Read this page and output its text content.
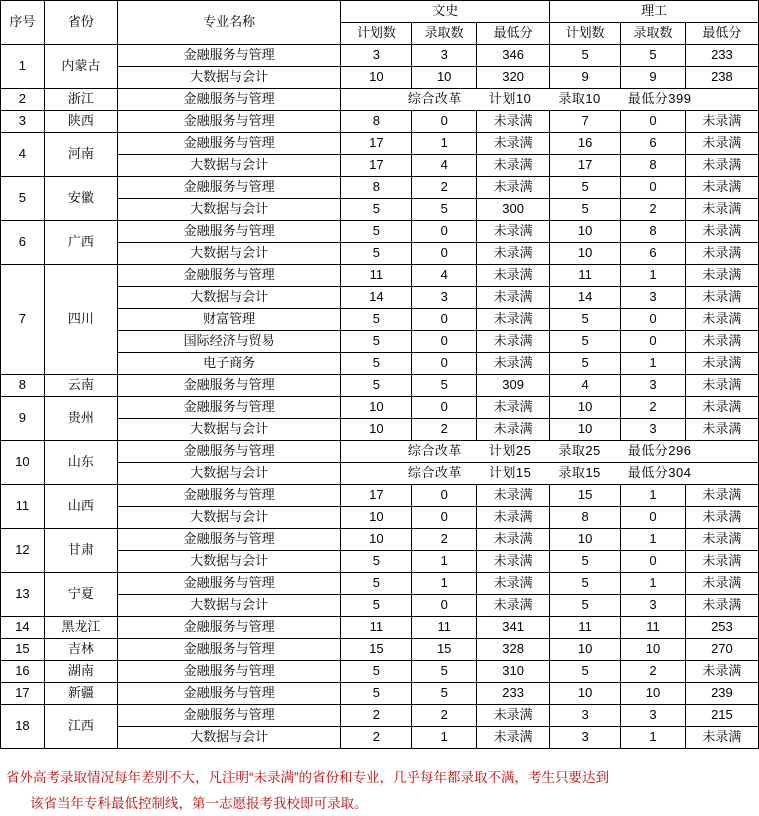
序号	省份	专业名称	文史			理工		
			计划数	录取数	最低分	计划数	录取数	最低分
1	内蒙古	金融服务与管理	3	3	346	5	5	233
		大数据与会计	10	10	320	9	9	238
2	浙江	金融服务与管理	综合改革　　计划10　　录取10　　最低分399					
3	陕西	金融服务与管理	8	0	未录满	7	0	未录满
4	河南	金融服务与管理	17	1	未录满	16	6	未录满
		大数据与会计	17	4	未录满	17	8	未录满
5	安徽	金融服务与管理	8	2	未录满	5	0	未录满
		大数据与会计	5	5	300	5	2	未录满
6	广西	金融服务与管理	5	0	未录满	10	8	未录满
		大数据与会计	5	0	未录满	10	6	未录满
7	四川	金融服务与管理	11	4	未录满	11	1	未录满
		大数据与会计	14	3	未录满	14	3	未录满
		财富管理	5	0	未录满	5	0	未录满
		国际经济与贸易	5	0	未录满	5	0	未录满
		电子商务	5	0	未录满	5	1	未录满
8	云南	金融服务与管理	5	5	309	4	3	未录满
9	贵州	金融服务与管理	10	0	未录满	10	2	未录满
		大数据与会计	10	2	未录满	10	3	未录满
10	山东	金融服务与管理	综合改革　　计划25　　录取25　　最低分296					
		大数据与会计	综合改革　　计划15　　录取15　　最低分304					
11	山西	金融服务与管理	17	0	未录满	15	1	未录满
		大数据与会计	10	0	未录满	8	0	未录满
12	甘肃	金融服务与管理	10	2	未录满	10	1	未录满
		大数据与会计	5	1	未录满	5	0	未录满
13	宁夏	金融服务与管理	5	1	未录满	5	1	未录满
		大数据与会计	5	0	未录满	5	3	未录满
14	黑龙江	金融服务与管理	11	11	341	11	11	253
15	吉林	金融服务与管理	15	15	328	10	10	270
16	湖南	金融服务与管理	5	5	310	5	2	未录满
17	新疆	金融服务与管理	5	5	233	10	10	239
18	江西	金融服务与管理	2	2	未录满	3	3	215
		大数据与会计	2	1	未录满	3	1	未录满
省外高考录取情况每年差别不大，凡注明“未录满”的省份和专业，几乎每年都录取不满，考生只要达到
该省当年专科最低控制线，第一志愿报考我校即可录取。
